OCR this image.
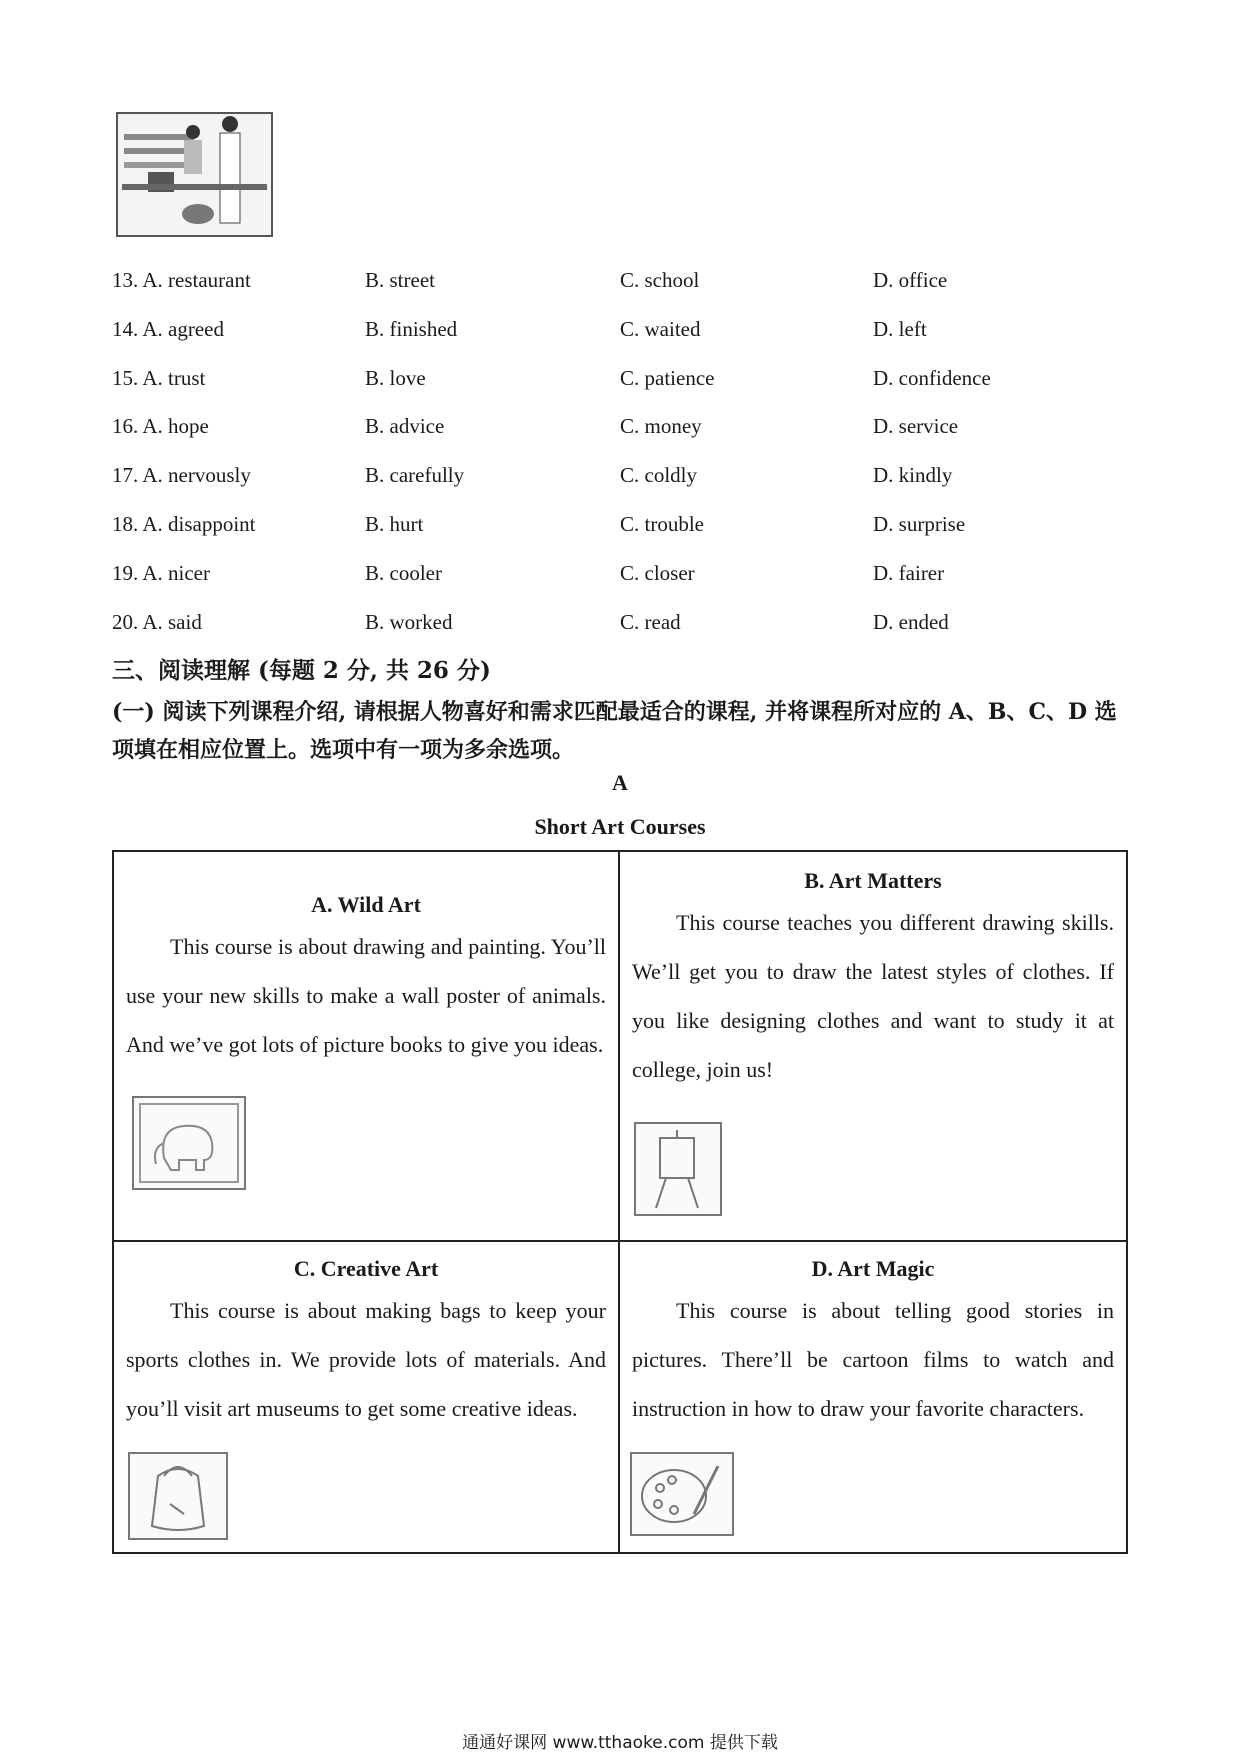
13. A. restaurant	B. street	C. school	D. office
14. A. agreed	B. finished	C. waited	D. left
15. A. trust	B. love	C. patience	D. confidence
16. A. hope	B. advice	C. money	D. service
17. A. nervously	B. carefully	C. coldly	D. kindly
18. A. disappoint	B. hurt	C. trouble	D. surprise
19. A. nicer	B. cooler	C. closer	D. fairer
20. A. said	B. worked	C. read	D. ended
三、阅读理解 (每题 2 分, 共 26 分)
(一) 阅读下列课程介绍, 请根据人物喜好和需求匹配最适合的课程, 并将课程所对应的 A、B、C、D 选项填在相应位置上。选项中有一项为多余选项。
A
Short Art Courses
A. Wild Art

This course is about drawing and painting. You’ll use your new skills to make a wall poster of animals. And we’ve got lots of picture books to give you ideas.

B. Art Matters

This course teaches you different drawing skills. We’ll get you to draw the latest styles of clothes. If you like designing clothes and want to study it at college, join us!

C. Creative Art

This course is about making bags to keep your sports clothes in. We provide lots of materials. And you’ll visit art museums to get some creative ideas.

D. Art Magic

This course is about telling good stories in pictures. There’ll be cartoon films to watch and instruction in how to draw your favorite characters.

通通好课网 www.tthaoke.com 提供下载
